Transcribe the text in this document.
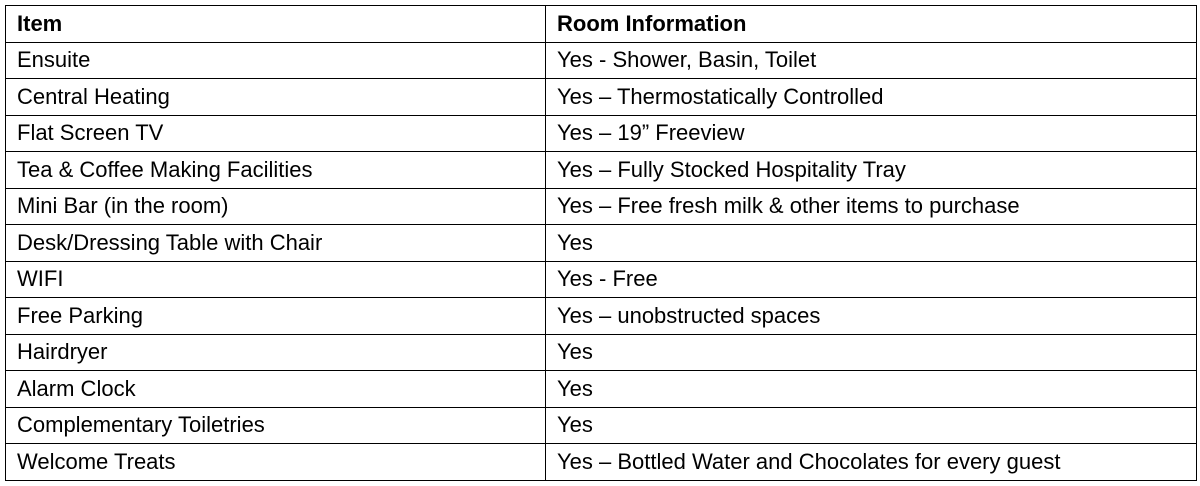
Item	Room Information
Ensuite	Yes - Shower, Basin, Toilet
Central Heating	Yes – Thermostatically Controlled
Flat Screen TV	Yes – 19” Freeview
Tea & Coffee Making Facilities	Yes – Fully Stocked Hospitality Tray
Mini Bar (in the room)	Yes – Free fresh milk & other items to purchase
Desk/Dressing Table with Chair	Yes
WIFI	Yes - Free
Free Parking	Yes – unobstructed spaces
Hairdryer	Yes
Alarm Clock	Yes
Complementary Toiletries	Yes
Welcome Treats	Yes – Bottled Water and Chocolates for every guest
